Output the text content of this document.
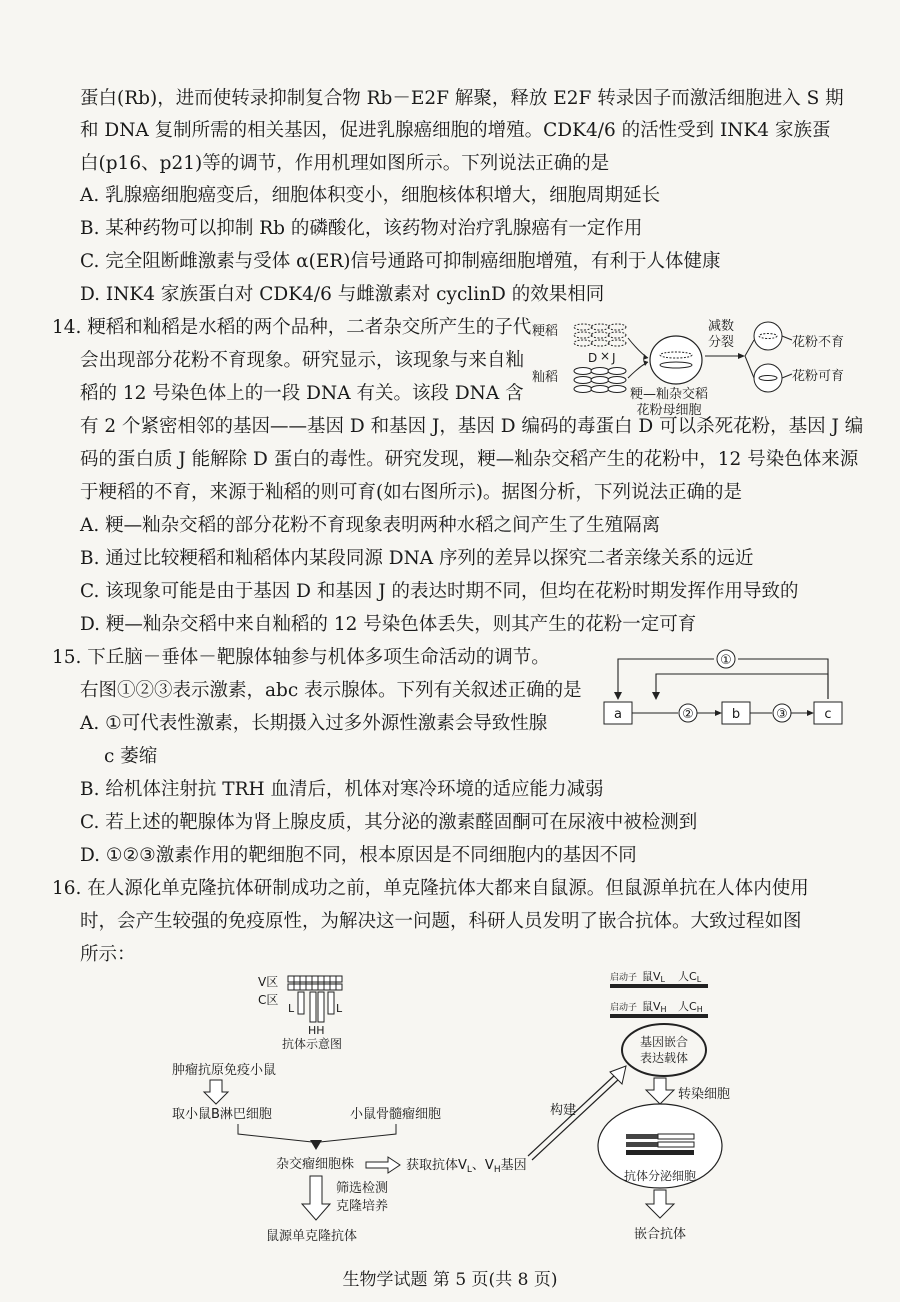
蛋白(Rb)，进而使转录抑制复合物 Rb－E2F 解聚，释放 E2F 转录因子而激活细胞进入 S 期
和 DNA 复制所需的相关基因，促进乳腺癌细胞的增殖。CDK4/6 的活性受到 INK4 家族蛋
白(p16、p21)等的调节，作用机理如图所示。下列说法正确的是
A. 乳腺癌细胞癌变后，细胞体积变小，细胞核体积增大，细胞周期延长
B. 某种药物可以抑制 Rb 的磷酸化，该药物对治疗乳腺癌有一定作用
C. 完全阻断雌激素与受体 α(ER)信号通路可抑制癌细胞增殖，有利于人体健康
D. INK4 家族蛋白对 CDK4/6 与雌激素对 cyclinD 的效果相同
14. 粳稻和籼稻是水稻的两个品种，二者杂交所产生的子代
会出现部分花粉不育现象。研究显示，该现象与来自籼
稻的 12 号染色体上的一段 DNA 有关。该段 DNA 含
有 2 个紧密相邻的基因——基因 D 和基因 J，基因 D 编码的毒蛋白 D 可以杀死花粉，基因 J 编
码的蛋白质 J 能解除 D 蛋白的毒性。研究发现，粳—籼杂交稻产生的花粉中，12 号染色体来源
于粳稻的不育，来源于籼稻的则可育(如右图所示)。据图分析，下列说法正确的是
A. 粳—籼杂交稻的部分花粉不育现象表明两种水稻之间产生了生殖隔离
B. 通过比较粳稻和籼稻体内某段同源 DNA 序列的差异以探究二者亲缘关系的远近
C. 该现象可能是由于基因 D 和基因 J 的表达时期不同，但均在花粉时期发挥作用导致的
D. 粳—籼杂交稻中来自籼稻的 12 号染色体丢失，则其产生的花粉一定可育
粳稻
D × J
籼稻
减数
分裂	花粉不育
花粉可育
粳—籼杂交稻
花粉母细胞
15. 下丘脑－垂体－靶腺体轴参与机体多项生命活动的调节。
右图①②③表示激素，abc 表示腺体。下列有关叙述正确的是
A. ①可代表性激素，长期摄入过多外源性激素会导致性腺
c 萎缩
B. 给机体注射抗 TRH 血清后，机体对寒冷环境的适应能力减弱
C. 若上述的靶腺体为肾上腺皮质，其分泌的激素醛固酮可在尿液中被检测到
D. ①②③激素作用的靶细胞不同，根本原因是不同细胞内的基因不同
①
a	②	b	③	c
16. 在人源化单克隆抗体研制成功之前，单克隆抗体大都来自鼠源。但鼠源单抗在人体内使用
时，会产生较强的免疫原性，为解决这一问题，科研人员发明了嵌合抗体。大致过程如图
所示：
V区
C区
L	L
HH
抗体示意图
肿瘤抗原免疫小鼠
取小鼠B淋巴细胞	小鼠骨髓瘤细胞
杂交瘤细胞株	获取抗体$V_L$、$V_H$基因
筛选检测
克隆培养
鼠源单克隆抗体
构建
启动子 鼠VL 人CL
启动子 鼠VH 人CH
基因嵌合
表达载体
转染细胞
抗体分泌细胞
嵌合抗体
生物学试题 第 5 页(共 8 页)
